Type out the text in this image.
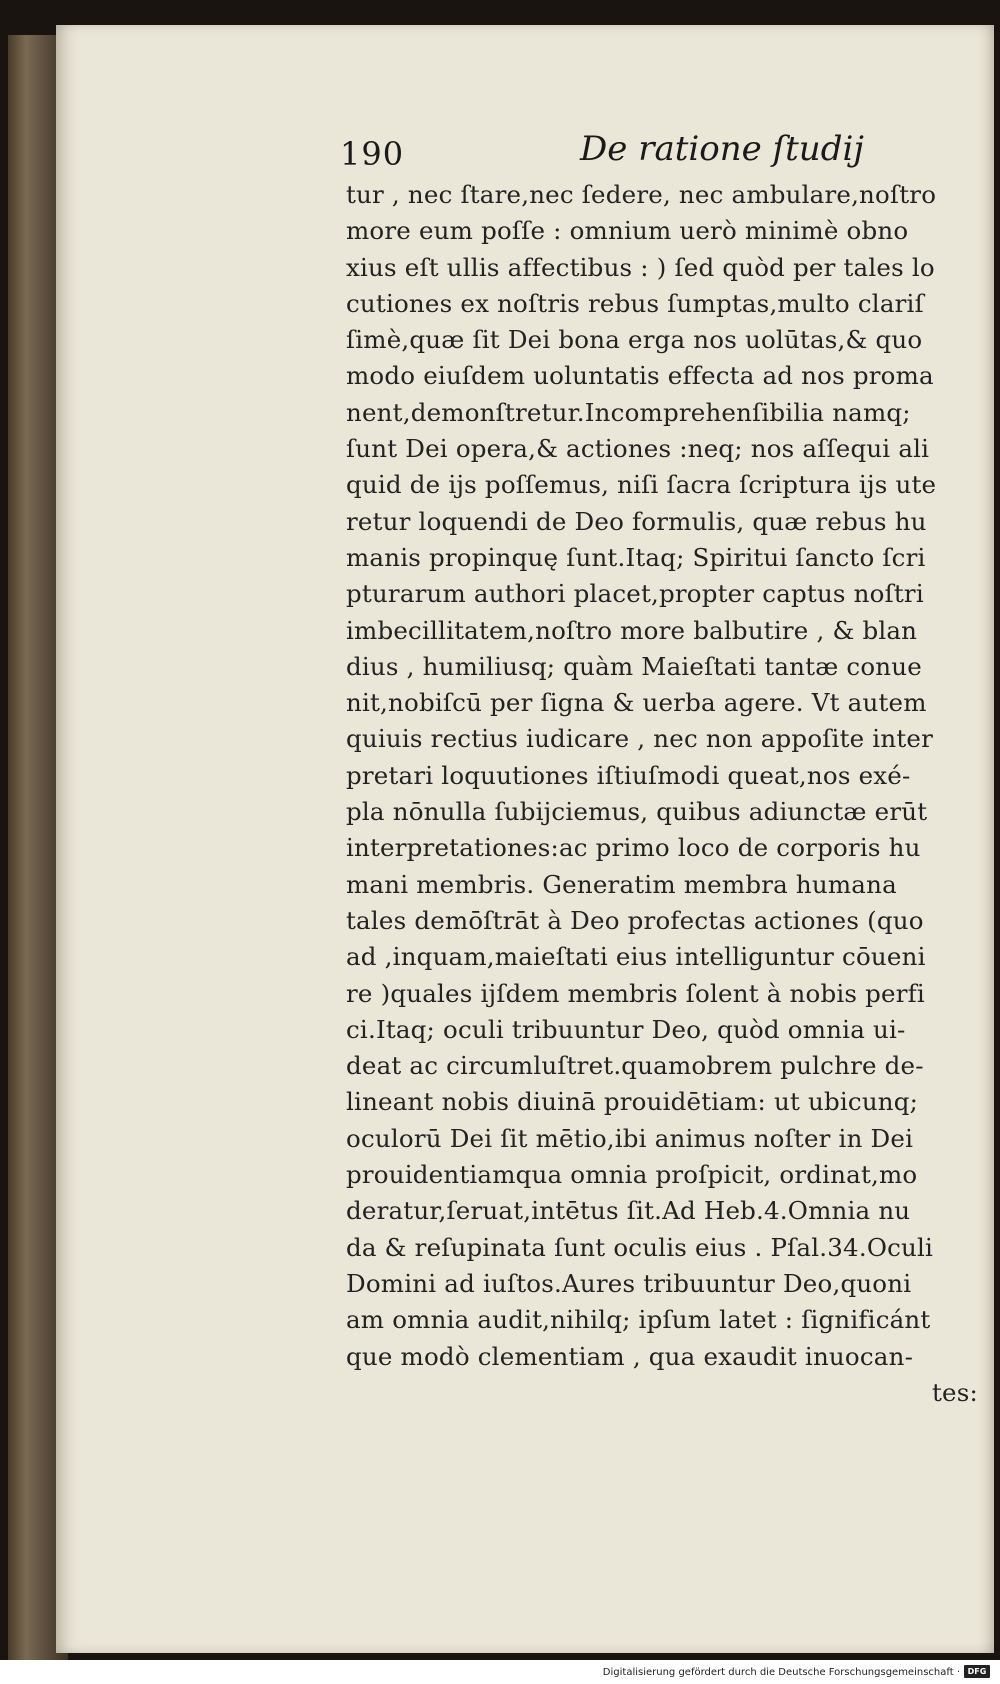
190	De ratione ſtudij
tur , nec ſtare,nec ſedere, nec ambulare,noſtro
more eum poſſe : omnium uerò minimè obno
xius eſt ullis affectibus : ) ſed quòd per tales lo
cutiones ex noſtris rebus ſumptas,multo clariſ
ſimè,quæ ſit Dei bona erga nos uolūtas,& quo
modo eiuſdem uoluntatis effecta ad nos proma
nent,demonſtretur.Incomprehenſibilia namq;
ſunt Dei opera,& actiones :neq; nos aſſequi ali
quid de ijs poſſemus, niſi ſacra ſcriptura ijs ute
retur loquendi de Deo formulis, quæ rebus hu
manis propinquę ſunt.Itaq; Spiritui ſancto ſcri
pturarum authori placet,propter captus noſtri
imbecillitatem,noſtro more balbutire , & blan
dius , humiliusq; quàm Maieſtati tantæ conue
nit,nobiſcū per ſigna & uerba agere. Vt autem
quiuis rectius iudicare , nec non appoſite inter
pretari loquutiones iſtiuſmodi queat,nos exé-
pla nōnulla ſubijciemus, quibus adiunctæ erūt
interpretationes:ac primo loco de corporis hu
mani membris. Generatim membra humana
tales demōſtrāt à Deo profectas actiones (quo
ad ,inquam,maieſtati eius intelliguntur cōueni
re )quales ijſdem membris ſolent à nobis perfi
ci.Itaq; oculi tribuuntur Deo, quòd omnia ui-
deat ac circumluſtret.quamobrem pulchre de-
lineant nobis diuinā prouidētiam: ut ubicunq;
oculorū Dei ſit mētio,ibi animus noſter in Dei
prouidentiamqua omnia proſpicit, ordinat,mo
deratur,ſeruat,intētus ſit.Ad Heb.4.Omnia nu
da & reſupinata ſunt oculis eius . Pſal.34.Oculi
Domini ad iuſtos.Aures tribuuntur Deo,quoni
am omnia audit,nihilq; ipſum latet : ſignificánt
que modò clementiam , qua exaudit inuocan-
tes:
Digitalisierung gefördert durch die Deutsche Forschungsgemeinschaft · DFG
